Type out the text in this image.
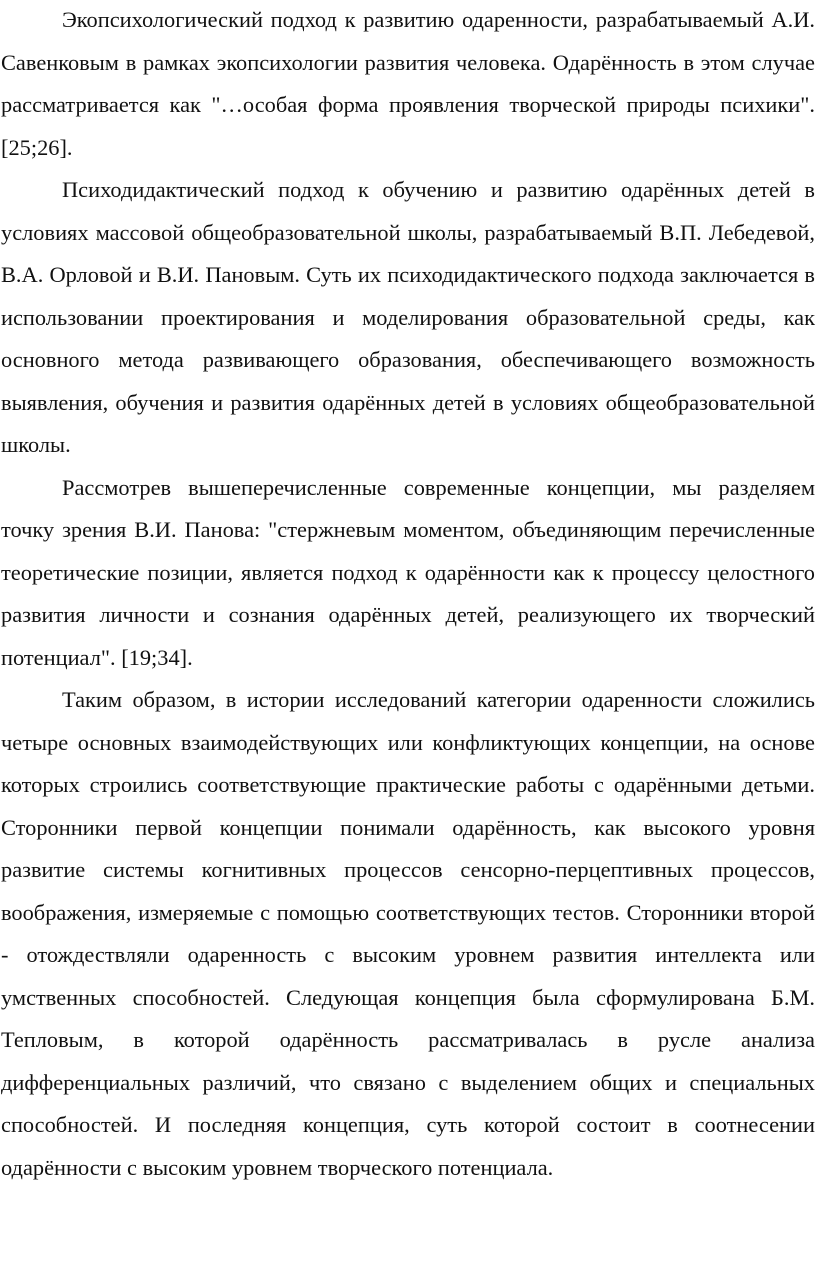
Экопсихологический подход к развитию одаренности, разрабатываемый А.И. Савенковым в рамках экопсихологии развития человека. Одарённость в этом случае рассматривается как "…особая форма проявления творческой природы психики". [25;26].

Психодидактический подход к обучению и развитию одарённых детей в условиях массовой общеобразовательной школы, разрабатываемый В.П. Лебедевой, В.А. Орловой и В.И. Пановым. Суть их психодидактического подхода заключается в использовании проектирования и моделирования образовательной среды, как основного метода развивающего образования, обеспечивающего возможность выявления, обучения и развития одарённых детей в условиях общеобразовательной школы.

Рассмотрев вышеперечисленные современные концепции, мы разделяем точку зрения В.И. Панова: "стержневым моментом, объединяющим перечисленные теоретические позиции, является подход к одарённости как к процессу целостного развития личности и сознания одарённых детей, реализующего их творческий потенциал". [19;34].

Таким образом, в истории исследований категории одаренности сложились четыре основных взаимодействующих или конфликтующих концепции, на основе которых строились соответствующие практические работы с одарёнными детьми. Сторонники первой концепции понимали одарённость, как высокого уровня развитие системы когнитивных процессов сенсорно-перцептивных процессов, воображения, измеряемые с помощью соответствующих тестов. Сторонники второй - отождествляли одаренность с высоким уровнем развития интеллекта или умственных способностей. Следующая концепция была сформулирована Б.М. Тепловым, в которой одарённость рассматривалась в русле анализа дифференциальных различий, что связано с выделением общих и специальных способностей. И последняя концепция, суть которой состоит в соотнесении одарённости с высоким уровнем творческого потенциала.
